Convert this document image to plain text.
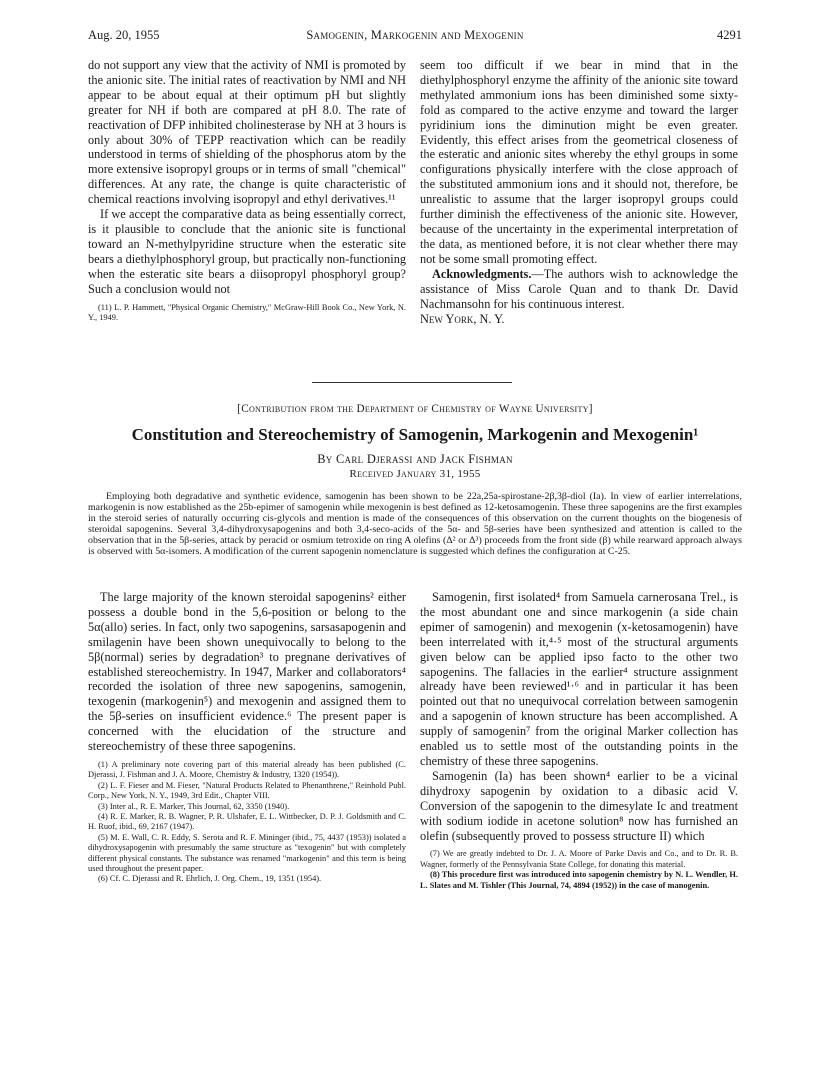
Aug. 20, 1955	Samogenin, Markogenin and Mexogenin	4291

do not support any view that the activity of NMI is promoted by the anionic site. The initial rates of reactivation by NMI and NH appear to be about equal at their optimum pH but slightly greater for NH if both are compared at pH 8.0. The rate of reactivation of DFP inhibited cholinesterase by NH at 3 hours is only about 30% of TEPP reactivation which can be readily understood in terms of shielding of the phosphorus atom by the more extensive isopropyl groups or in terms of small "chemical" differences. At any rate, the change is quite characteristic of chemical reactions involving isopropyl and ethyl derivatives.¹¹

If we accept the comparative data as being essentially correct, is it plausible to conclude that the anionic site is functional toward an N-methylpyridine structure when the esteratic site bears a diethylphosphoryl group, but practically non-functioning when the esteratic site bears a diisopropyl phosphoryl group? Such a conclusion would not

(11) L. P. Hammett, "Physical Organic Chemistry," McGraw-Hill Book Co., New York, N. Y., 1949.

seem too difficult if we bear in mind that in the diethylphosphoryl enzyme the affinity of the anionic site toward methylated ammonium ions has been diminished some sixty-fold as compared to the active enzyme and toward the larger pyridinium ions the diminution might be even greater. Evidently, this effect arises from the geometrical closeness of the esteratic and anionic sites whereby the ethyl groups in some configurations physically interfere with the close approach of the substituted ammonium ions and it should not, therefore, be unrealistic to assume that the larger isopropyl groups could further diminish the effectiveness of the anionic site. However, because of the uncertainty in the experimental interpretation of the data, as mentioned before, it is not clear whether there may not be some small promoting effect.

Acknowledgments.—The authors wish to acknowledge the assistance of Miss Carole Quan and to thank Dr. David Nachmansohn for his continuous interest.

New York, N. Y.

[Contribution from the Department of Chemistry of Wayne University]
Constitution and Stereochemistry of Samogenin, Markogenin and Mexogenin¹
By Carl Djerassi and Jack Fishman
Received January 31, 1955
Employing both degradative and synthetic evidence, samogenin has been shown to be 22a,25a-spirostane-2β,3β-diol (Ia). In view of earlier interrelations, markogenin is now established as the 25b-epimer of samogenin while mexogenin is best defined as 12-ketosamogenin. These three sapogenins are the first examples in the steroid series of naturally occurring cis-glycols and mention is made of the consequences of this observation on the current thoughts on the biogenesis of steroidal sapogenins. Several 3,4-dihydroxysapogenins and both 3,4-seco-acids of the 5α- and 5β-series have been synthesized and attention is called to the observation that in the 5β-series, attack by peracid or osmium tetroxide on ring A olefins (Δ² or Δ³) proceeds from the front side (β) while rearward approach always is observed with 5α-isomers. A modification of the current sapogenin nomenclature is suggested which defines the configuration at C-25.

The large majority of the known steroidal sapogenins² either possess a double bond in the 5,6-position or belong to the 5α(allo) series. In fact, only two sapogenins, sarsasapogenin and smilagenin have been shown unequivocally to belong to the 5β(normal) series by degradation³ to pregnane derivatives of established stereochemistry. In 1947, Marker and collaborators⁴ recorded the isolation of three new sapogenins, samogenin, texogenin (markogenin⁵) and mexogenin and assigned them to the 5β-series on insufficient evidence.⁶ The present paper is concerned with the elucidation of the structure and stereochemistry of these three sapogenins.

(1) A preliminary note covering part of this material already has been published (C. Djerassi, J. Fishman and J. A. Moore, Chemistry & Industry, 1320 (1954)).

(2) L. F. Fieser and M. Fieser, "Natural Products Related to Phenanthrene," Reinhold Publ. Corp., New York, N. Y., 1949, 3rd Edit., Chapter VIII.

(3) Inter al., R. E. Marker, This Journal, 62, 3350 (1940).

(4) R. E. Marker, R. B. Wagner, P. R. Ulshafer, E. L. Wittbecker, D. P. J. Goldsmith and C. H. Ruof, ibid., 69, 2167 (1947).

(5) M. E. Wall, C. R. Eddy, S. Serota and R. F. Mininger (ibid., 75, 4437 (1953)) isolated a dihydroxysapogenin with presumably the same structure as "texogenin" but with completely different physical constants. The substance was renamed "markogenin" and this term is being used throughout the present paper.

(6) Cf. C. Djerassi and R. Ehrlich, J. Org. Chem., 19, 1351 (1954).

Samogenin, first isolated⁴ from Samuela carnerosana Trel., is the most abundant one and since markogenin (a side chain epimer of samogenin) and mexogenin (x-ketosamogenin) have been interrelated with it,⁴·⁵ most of the structural arguments given below can be applied ipso facto to the other two sapogenins. The fallacies in the earlier⁴ structure assignment already have been reviewed¹·⁶ and in particular it has been pointed out that no unequivocal correlation between samogenin and a sapogenin of known structure has been accomplished. A supply of samogenin⁷ from the original Marker collection has enabled us to settle most of the outstanding points in the chemistry of these three sapogenins.

Samogenin (Ia) has been shown⁴ earlier to be a vicinal dihydroxy sapogenin by oxidation to a dibasic acid V. Conversion of the sapogenin to the dimesylate Ic and treatment with sodium iodide in acetone solution⁸ now has furnished an olefin (subsequently proved to possess structure II) which

(7) We are greatly indebted to Dr. J. A. Moore of Parke Davis and Co., and to Dr. R. B. Wagner, formerly of the Pennsylvania State College, for donating this material.

(8) This procedure first was introduced into sapogenin chemistry by N. L. Wendler, H. L. Slates and M. Tishler (This Journal, 74, 4894 (1952)) in the case of manogenin.
